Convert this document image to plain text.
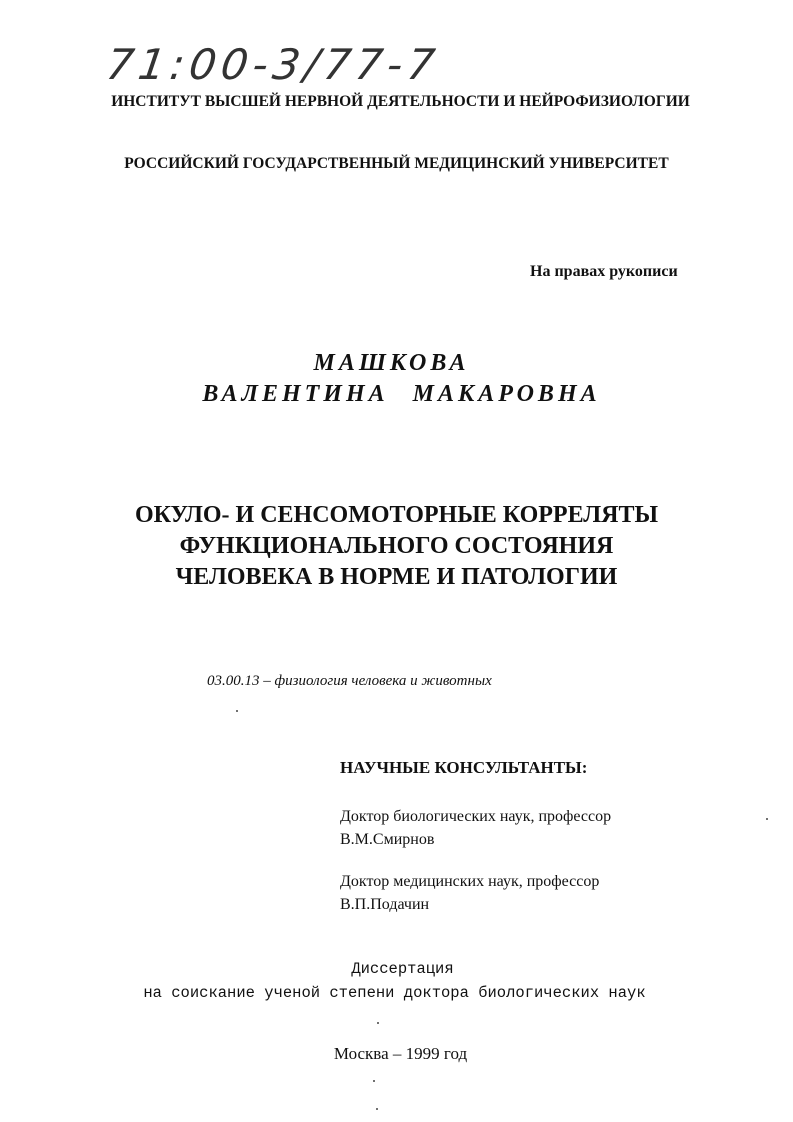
71:00-3/77-7
ИНСТИТУТ ВЫСШЕЙ НЕРВНОЙ ДЕЯТЕЛЬНОСТИ И НЕЙРОФИЗИОЛОГИИ
РОССИЙСКИЙ ГОСУДАРСТВЕННЫЙ МЕДИЦИНСКИЙ УНИВЕРСИТЕТ
На правах рукописи
МАШКОВА
ВАЛЕНТИНА МАКАРОВНА
ОКУЛО- И СЕНСОМОТОРНЫЕ КОРРЕЛЯТЫ
ФУНКЦИОНАЛЬНОГО СОСТОЯНИЯ
ЧЕЛОВЕКА В НОРМЕ И ПАТОЛОГИИ
03.00.13 – физиология человека и животных
НАУЧНЫЕ КОНСУЛЬТАНТЫ:
Доктор биологических наук, профессор
В.М.Смирнов
Доктор медицинских наук, профессор
В.П.Подачин
Диссертация
на соискание ученой степени доктора биологических наук
Москва – 1999 год
